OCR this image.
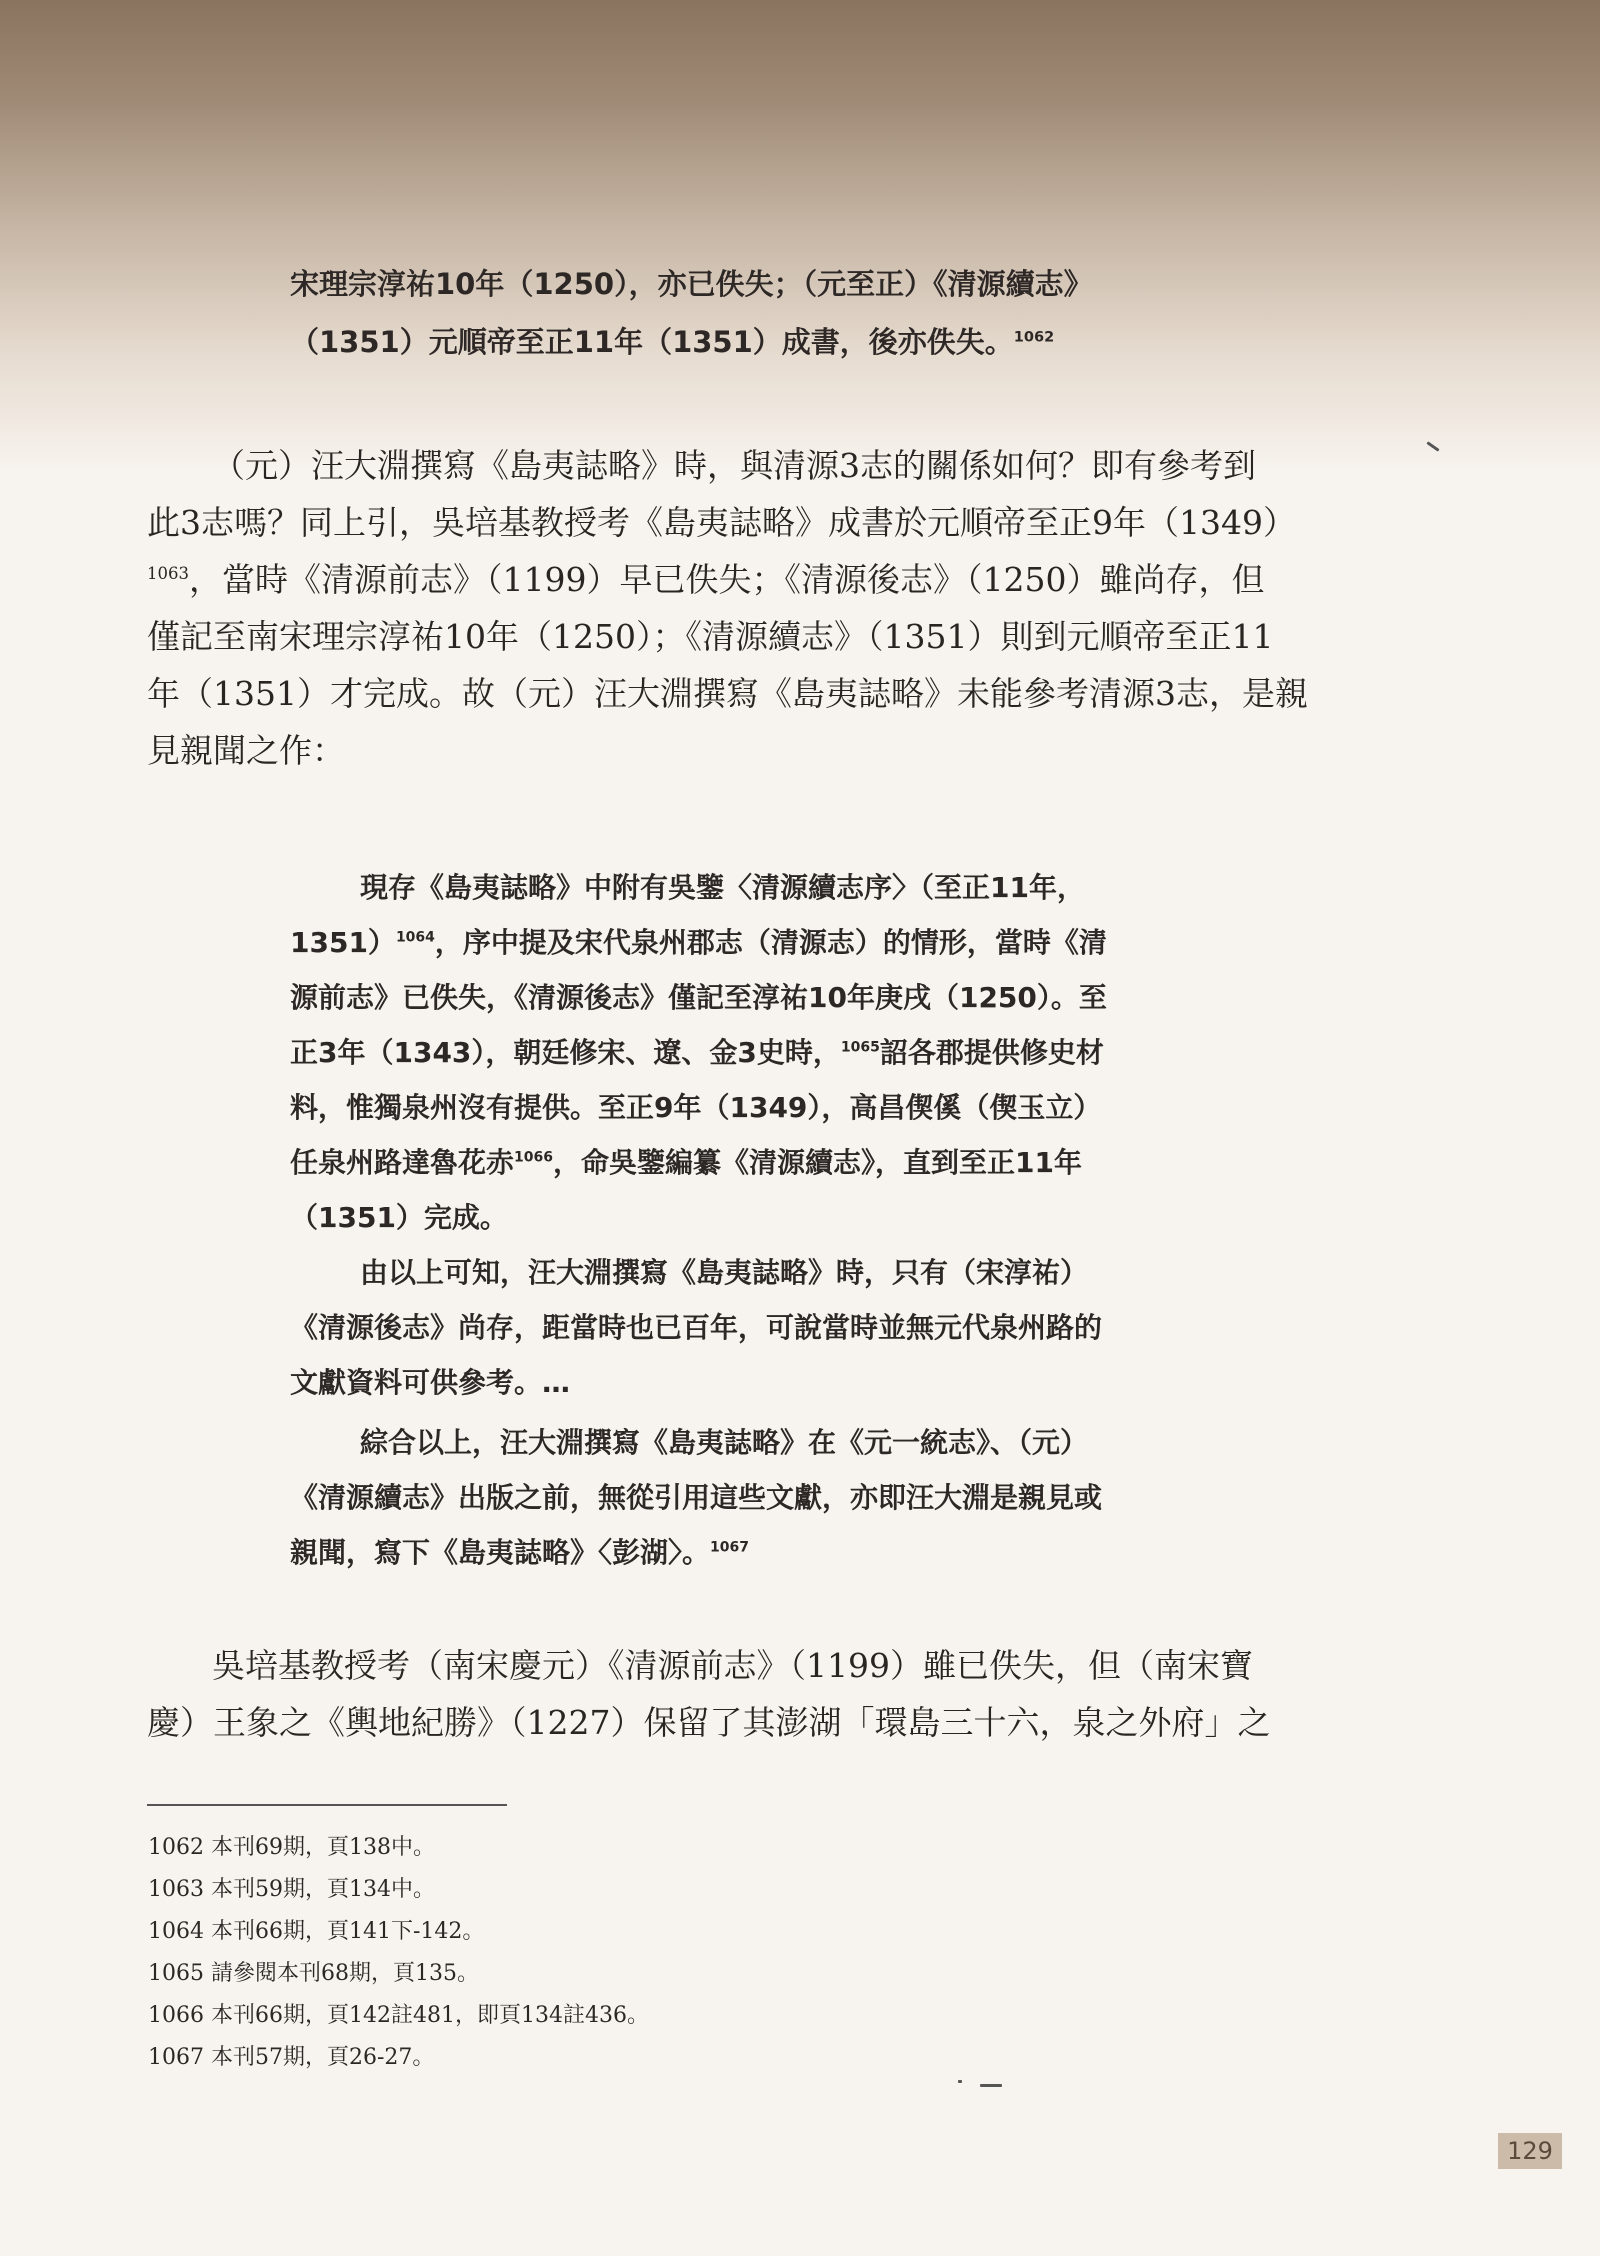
宋理宗淳祐10年（1250），亦已佚失；（元至正）《清源續志》
（1351）元順帝至正11年（1351）成書，後亦佚失。$^{1062}$
（元）汪大淵撰寫《島夷誌略》時，與清源3志的關係如何？即有參考到
此3志嗎？同上引，吳培基教授考《島夷誌略》成書於元順帝至正9年（1349）
$^{1063}$，當時《清源前志》（1199）早已佚失；《清源後志》（1250）雖尚存，但
僅記至南宋理宗淳祐10年（1250）；《清源續志》（1351）則到元順帝至正11
年（1351）才完成。故（元）汪大淵撰寫《島夷誌略》未能參考清源3志，是親
見親聞之作：
現存《島夷誌略》中附有吳鑒〈清源續志序〉（至正11年，
1351）$^{1064}$，序中提及宋代泉州郡志（清源志）的情形，當時《清
源前志》已佚失，《清源後志》僅記至淳祐10年庚戌（1250）。至
正3年（1343），朝廷修宋、遼、金3史時，$^{1065}$詔各郡提供修史材
料，惟獨泉州沒有提供。至正9年（1349），高昌偰傒（偰玉立）
任泉州路達魯花赤$^{1066}$，命吳鑒編纂《清源續志》，直到至正11年
（1351）完成。
由以上可知，汪大淵撰寫《島夷誌略》時，只有（宋淳祐）
《清源後志》尚存，距當時也已百年，可說當時並無元代泉州路的
文獻資料可供參考。…
綜合以上，汪大淵撰寫《島夷誌略》在《元一統志》、（元）
《清源續志》出版之前，無從引用這些文獻，亦即汪大淵是親見或
親聞，寫下《島夷誌略》〈彭湖〉。$^{1067}$
吳培基教授考（南宋慶元）《清源前志》（1199）雖已佚失，但（南宋寶
慶）王象之《輿地紀勝》（1227）保留了其澎湖「環島三十六，泉之外府」之
1062 本刊69期，頁138中。
1063 本刊59期，頁134中。
1064 本刊66期，頁141下-142。
1065 請參閱本刊68期，頁135。
1066 本刊66期，頁142註481，即頁134註436。
1067 本刊57期，頁26-27。
129
